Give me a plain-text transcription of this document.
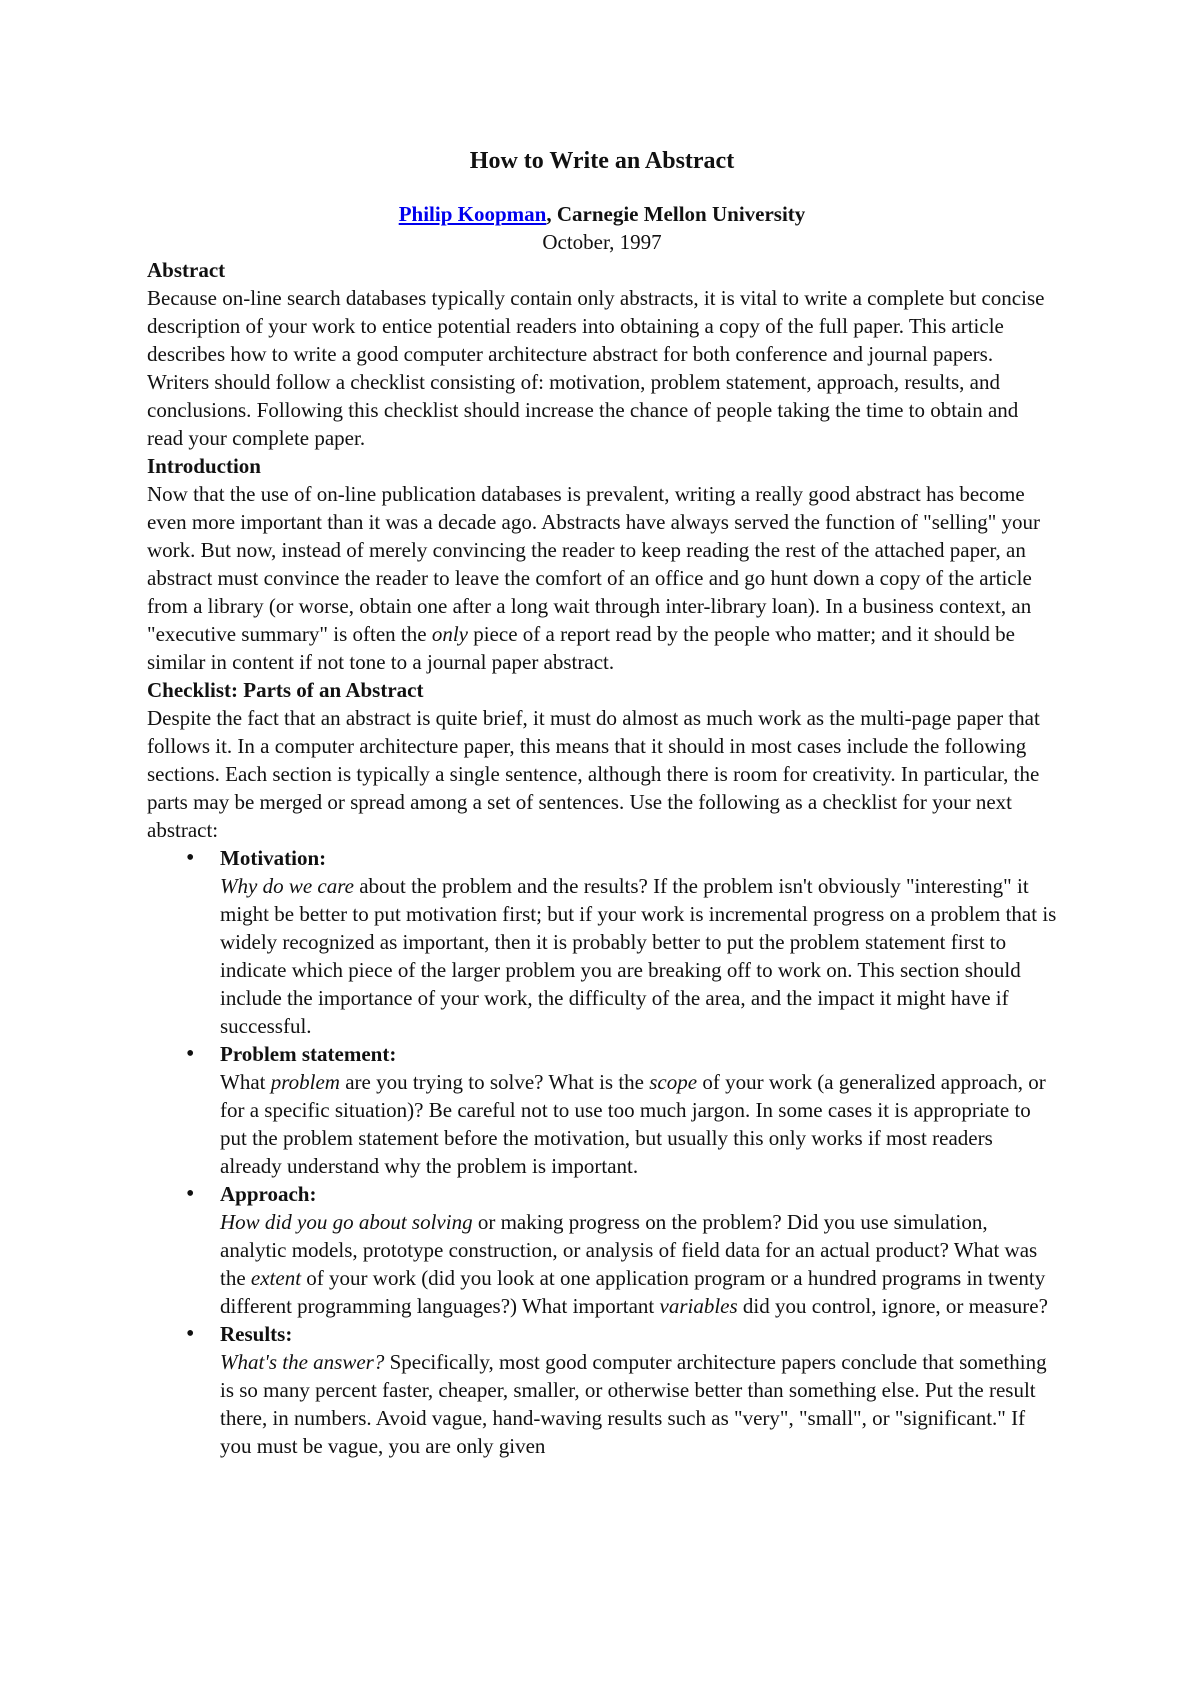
How to Write an Abstract

Philip Koopman, Carnegie Mellon University

October, 1997

Abstract

Because on-line search databases typically contain only abstracts, it is vital to write a complete but concise description of your work to entice potential readers into obtaining a copy of the full paper. This article describes how to write a good computer architecture abstract for both conference and journal papers. Writers should follow a checklist consisting of: motivation, problem statement, approach, results, and conclusions. Following this checklist should increase the chance of people taking the time to obtain and read your complete paper.

Introduction

Now that the use of on-line publication databases is prevalent, writing a really good abstract has become even more important than it was a decade ago. Abstracts have always served the function of "selling" your work. But now, instead of merely convincing the reader to keep reading the rest of the attached paper, an abstract must convince the reader to leave the comfort of an office and go hunt down a copy of the article from a library (or worse, obtain one after a long wait through inter-library loan). In a business context, an "executive summary" is often the only piece of a report read by the people who matter; and it should be similar in content if not tone to a journal paper abstract.

Checklist: Parts of an Abstract

Despite the fact that an abstract is quite brief, it must do almost as much work as the multi-page paper that follows it. In a computer architecture paper, this means that it should in most cases include the following sections. Each section is typically a single sentence, although there is room for creativity. In particular, the parts may be merged or spread among a set of sentences. Use the following as a checklist for your next abstract:

• Motivation:
Why do we care about the problem and the results? If the problem isn't obviously "interesting" it might be better to put motivation first; but if your work is incremental progress on a problem that is widely recognized as important, then it is probably better to put the problem statement first to indicate which piece of the larger problem you are breaking off to work on. This section should include the importance of your work, the difficulty of the area, and the impact it might have if successful.
• Problem statement:
What problem are you trying to solve? What is the scope of your work (a generalized approach, or for a specific situation)? Be careful not to use too much jargon. In some cases it is appropriate to put the problem statement before the motivation, but usually this only works if most readers already understand why the problem is important.
• Approach:
How did you go about solving or making progress on the problem? Did you use simulation, analytic models, prototype construction, or analysis of field data for an actual product? What was the extent of your work (did you look at one application program or a hundred programs in twenty different programming languages?) What important variables did you control, ignore, or measure?
• Results:
What's the answer? Specifically, most good computer architecture papers conclude that something is so many percent faster, cheaper, smaller, or otherwise better than something else. Put the result there, in numbers. Avoid vague, hand-waving results such as "very", "small", or "significant." If you must be vague, you are only given
